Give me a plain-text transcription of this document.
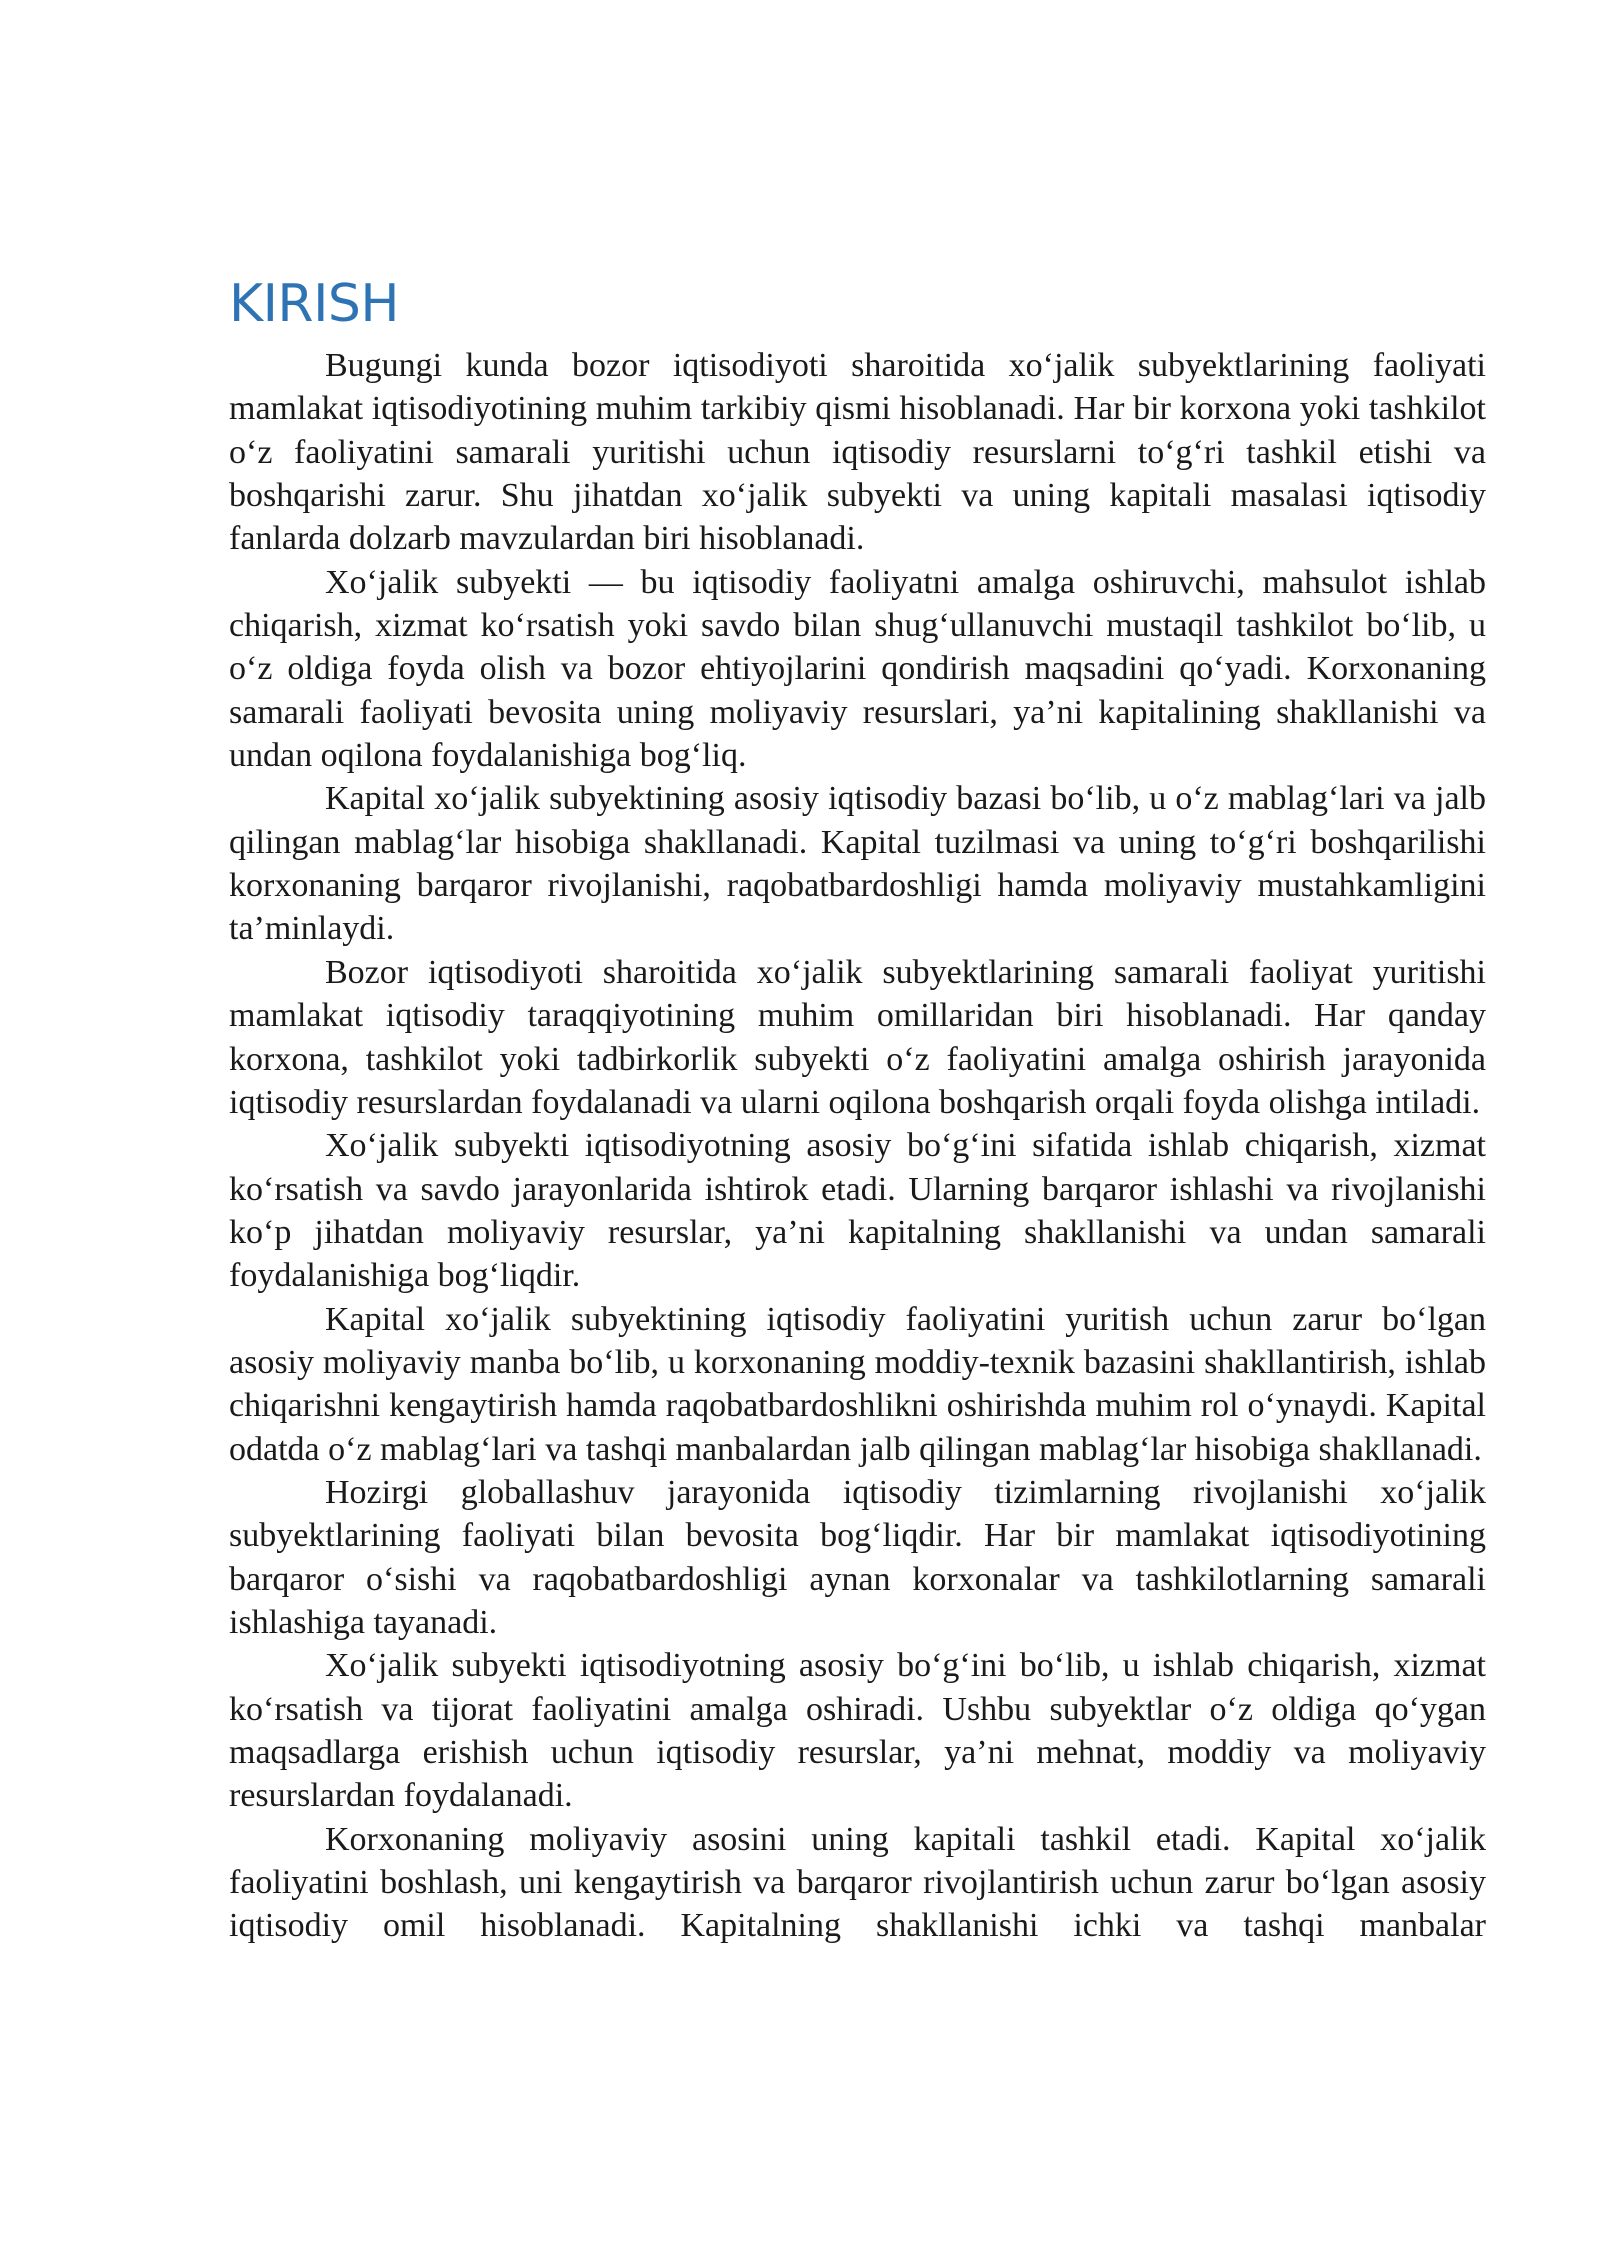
KIRISH

Bugungi kunda bozor iqtisodiyoti sharoitida xo‘jalik subyektlarining faoliyati mamlakat iqtisodiyotining muhim tarkibiy qismi hisoblanadi. Har bir korxona yoki tashkilot o‘z faoliyatini samarali yuritishi uchun iqtisodiy resurslarni to‘g‘ri tashkil etishi va boshqarishi zarur. Shu jihatdan xo‘jalik subyekti va uning kapitali masalasi iqtisodiy fanlarda dolzarb mavzulardan biri hisoblanadi.

Xo‘jalik subyekti — bu iqtisodiy faoliyatni amalga oshiruvchi, mahsulot ishlab chiqarish, xizmat ko‘rsatish yoki savdo bilan shug‘ullanuvchi mustaqil tashkilot bo‘lib, u o‘z oldiga foyda olish va bozor ehtiyojlarini qondirish maqsadini qo‘yadi. Korxonaning samarali faoliyati bevosita uning moliyaviy resurslari, ya’ni kapitalining shakllanishi va undan oqilona foydalanishiga bog‘liq.

Kapital xo‘jalik subyektining asosiy iqtisodiy bazasi bo‘lib, u o‘z mablag‘lari va jalb qilingan mablag‘lar hisobiga shakllanadi. Kapital tuzilmasi va uning to‘g‘ri boshqarilishi korxonaning barqaror rivojlanishi, raqobatbardoshligi hamda moliyaviy mustahkamligini ta’minlaydi.

Bozor iqtisodiyoti sharoitida xo‘jalik subyektlarining samarali faoliyat yuritishi mamlakat iqtisodiy taraqqiyotining muhim omillaridan biri hisoblanadi. Har qanday korxona, tashkilot yoki tadbirkorlik subyekti o‘z faoliyatini amalga oshirish jarayonida iqtisodiy resurslardan foydalanadi va ularni oqilona boshqarish orqali foyda olishga intiladi.

Xo‘jalik subyekti iqtisodiyotning asosiy bo‘g‘ini sifatida ishlab chiqarish, xizmat ko‘rsatish va savdo jarayonlarida ishtirok etadi. Ularning barqaror ishlashi va rivojlanishi ko‘p jihatdan moliyaviy resurslar, ya’ni kapitalning shakllanishi va undan samarali foydalanishiga bog‘liqdir.

Kapital xo‘jalik subyektining iqtisodiy faoliyatini yuritish uchun zarur bo‘lgan asosiy moliyaviy manba bo‘lib, u korxonaning moddiy-texnik bazasini shakllantirish, ishlab chiqarishni kengaytirish hamda raqobatbardoshlikni oshirishda muhim rol o‘ynaydi. Kapital odatda o‘z mablag‘lari va tashqi manbalardan jalb qilingan mablag‘lar hisobiga shakllanadi.

Hozirgi globallashuv jarayonida iqtisodiy tizimlarning rivojlanishi xo‘jalik subyektlarining faoliyati bilan bevosita bog‘liqdir. Har bir mamlakat iqtisodiyotining barqaror o‘sishi va raqobatbardoshligi aynan korxonalar va tashkilotlarning samarali ishlashiga tayanadi.

Xo‘jalik subyekti iqtisodiyotning asosiy bo‘g‘ini bo‘lib, u ishlab chiqarish, xizmat ko‘rsatish va tijorat faoliyatini amalga oshiradi. Ushbu subyektlar o‘z oldiga qo‘ygan maqsadlarga erishish uchun iqtisodiy resurslar, ya’ni mehnat, moddiy va moliyaviy resurslardan foydalanadi.

Korxonaning moliyaviy asosini uning kapitali tashkil etadi. Kapital xo‘jalik faoliyatini boshlash, uni kengaytirish va barqaror rivojlantirish uchun zarur bo‘lgan asosiy iqtisodiy omil hisoblanadi. Kapitalning shakllanishi ichki va tashqi manbalar
